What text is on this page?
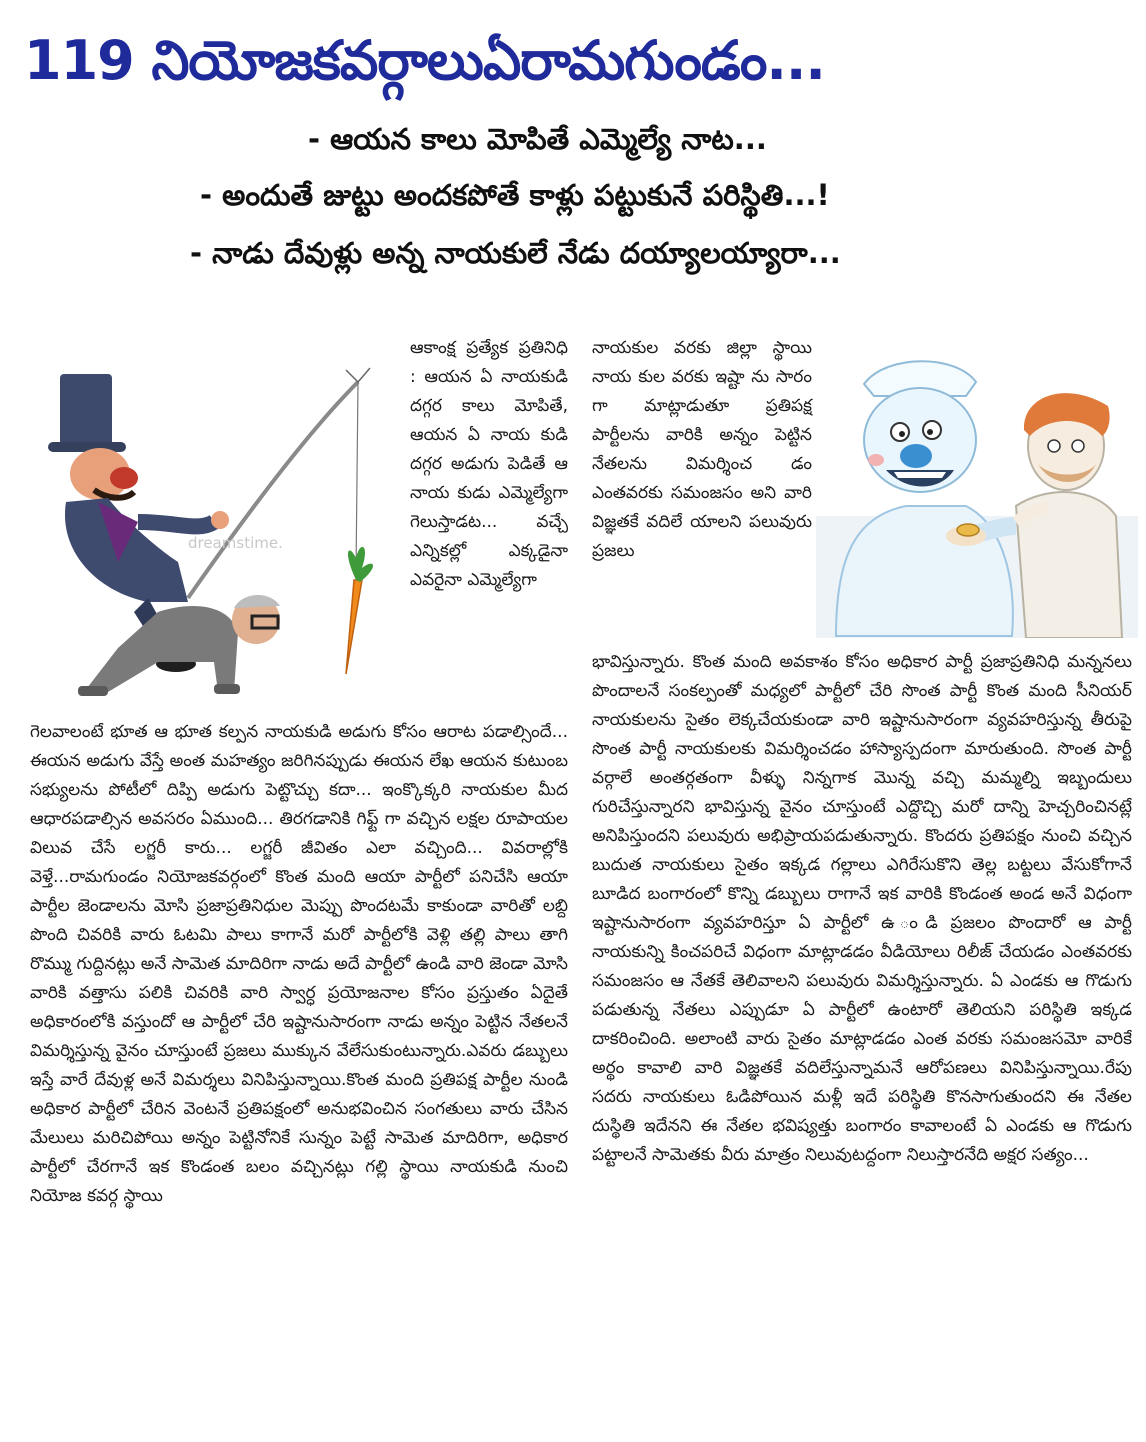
119 నియోజకవర్గాలుఏరామగుండం...
- ఆయన కాలు మోపితే ఎమ్మెల్యే నాట...
- అందుతే జుట్టు అందకపోతే కాళ్లు పట్టుకునే పరిస్థితి...!
- నాడు దేవుళ్లు అన్న నాయకులే నేడు దయ్యాలయ్యారా...
dreamstime.

ఆకాంక్ష ప్రత్యేక ప్రతినిధి : ఆయన ఏ నాయకుడి దగ్గర కాలు మోపితే, ఆయన ఏ నాయ కుడి దగ్గర అడుగు పెడితే ఆ నాయ కుడు ఎమ్మెల్యేగా గెలుస్తాడట... వచ్చే ఎన్నికల్లో ఎక్కడైనా ఎవరైనా ఎమ్మెల్యేగా

నాయకుల వరకు జిల్లా స్థాయి నాయ కుల వరకు ఇష్టా ను సారం గా మాట్లాడుతూ ప్రతిపక్ష పార్టీలను వారికి అన్నం పెట్టిన నేతలను విమర్శించ డం ఎంతవరకు సమంజసం అని వారి విజ్ఞతకే వదిలే యాలని పలువురు ప్రజలు

గెలవాలంటే భూత ఆ భూత కల్పన నాయకుడి అడుగు కోసం ఆరాట పడాల్సిందే... ఈయన అడుగు వేస్తే అంత మహత్యం జరిగినప్పుడు ఈయన లేఖ ఆయన కుటుంబ సభ్యులను పోటీలో దిప్పి అడుగు పెట్టొచ్చు కదా... ఇంక్కొక్కరి నాయకుల మీద ఆధారపడాల్సిన అవసరం ఏముంది... తిరగడానికి గిఫ్ట్ గా వచ్చిన లక్షల రూపాయల విలువ చేసే లగ్జరీ కారు... లగ్జరీ జీవితం ఎలా వచ్చింది... వివరాల్లోకి వెళ్తే...రామగుండం నియోజకవర్గంలో కొంత మంది ఆయా పార్టీలో పనిచేసి ఆయా పార్టీల జెండాలను మోసి ప్రజాప్రతినిధుల మెప్పు పొందటమే కాకుండా వారితో లబ్ది పొంది చివరికి వారు ఓటమి పాలు కాగానే మరో పార్టీలోకి వెళ్లి తల్లి పాలు తాగి రొమ్ము గుద్దినట్లు అనే సామెత మాదిరిగా నాడు అదే పార్టీలో ఉండి వారి జెండా మోసి వారికి వత్తాసు పలికి చివరికి వారి స్వార్ధ ప్రయోజనాల కోసం ప్రస్తుతం ఏదైతే అధికారంలోకి వస్తుందో ఆ పార్టీలో చేరి ఇష్టానుసారంగా నాడు అన్నం పెట్టిన నేతలనే విమర్శిస్తున్న వైనం చూస్తుంటే ప్రజలు ముక్కున వేలేసుకుంటున్నారు.ఎవరు డబ్బులు ఇస్తే వారే దేవుళ్ల అనే విమర్శలు వినిపిస్తున్నాయి.కొంత మంది ప్రతిపక్ష పార్టీల నుండి అధికార పార్టీలో చేరిన వెంటనే ప్రతిపక్షంలో అనుభవించిన సంగతులు వారు చేసిన మేలులు మరిచిపోయి అన్నం పెట్టినోనికే సున్నం పెట్టే సామెత మాదిరిగా, అధికార పార్టీలో చేరగానే ఇక కొండంత బలం వచ్చినట్లు గల్లి స్థాయి నాయకుడి నుంచి నియోజ కవర్గ స్థాయి

భావిస్తున్నారు. కొంత మంది అవకాశం కోసం అధికార పార్టీ ప్రజాప్రతినిధి మన్ననలు పొందాలనే సంకల్పంతో మధ్యలో పార్టీలో చేరి సొంత పార్టీ కొంత మంది సీనియర్ నాయకులను సైతం లెక్కచేయకుండా వారి ఇష్టానుసారంగా వ్యవహరిస్తున్న తీరుపై సొంత పార్టీ నాయకులకు విమర్శించడం హాస్యాస్పదంగా మారుతుంది. సొంత పార్టీ వర్గాలే అంతర్గతంగా వీళ్ళు నిన్నగాక మొన్న వచ్చి మమ్మల్ని ఇబ్బందులు గురిచేస్తున్నారని భావిస్తున్న వైనం చూస్తుంటే ఎద్దొచ్చి మరో దాన్ని హెచ్చరించినట్లే అనిపిస్తుందని పలువురు అభిప్రాయపడుతున్నారు. కొందరు ప్రతిపక్షం నుంచి వచ్చిన బుదుత నాయకులు సైతం ఇక్కడ గల్లాలు ఎగిరేసుకొని తెల్ల బట్టలు వేసుకోగానే బూడిద బంగారంలో కొన్ని డబ్బులు రాగానే ఇక వారికి కొండంత అండ అనే విధంగా ఇష్టానుసారంగా వ్యవహరిస్తూ ఏ పార్టీలో ఉ ండి ప్రజలం పొందారో ఆ పార్టీ నాయకున్ని కించపరిచే విధంగా మాట్లాడడం వీడియోలు రిలీజ్ చేయడం ఎంతవరకు సమంజసం ఆ నేతకే తెలివాలని పలువురు విమర్శిస్తున్నారు. ఏ ఎండకు ఆ గొడుగు పడుతున్న నేతలు ఎప్పుడూ ఏ పార్టీలో ఉంటారో తెలియని పరిస్థితి ఇక్కడ దాకరించింది. అలాంటి వారు సైతం మాట్లాడడం ఎంత వరకు సమంజసమో వారికే అర్థం కావాలి వారి విజ్ఞతకే వదిలేస్తున్నామనే ఆరోపణలు వినిపిస్తున్నాయి.రేపు సదరు నాయకులు ఓడిపోయిన మళ్లీ ఇదే పరిస్థితి కొనసాగుతుందని ఈ నేతల దుస్థితి ఇదేనని ఈ నేతల భవిష్యత్తు బంగారం కావాలంటే ఏ ఎండకు ఆ గొడుగు పట్టాలనే సామెతకు వీరు మాత్రం నిలువుటద్దంగా నిలుస్తారనేది అక్షర సత్యం...
